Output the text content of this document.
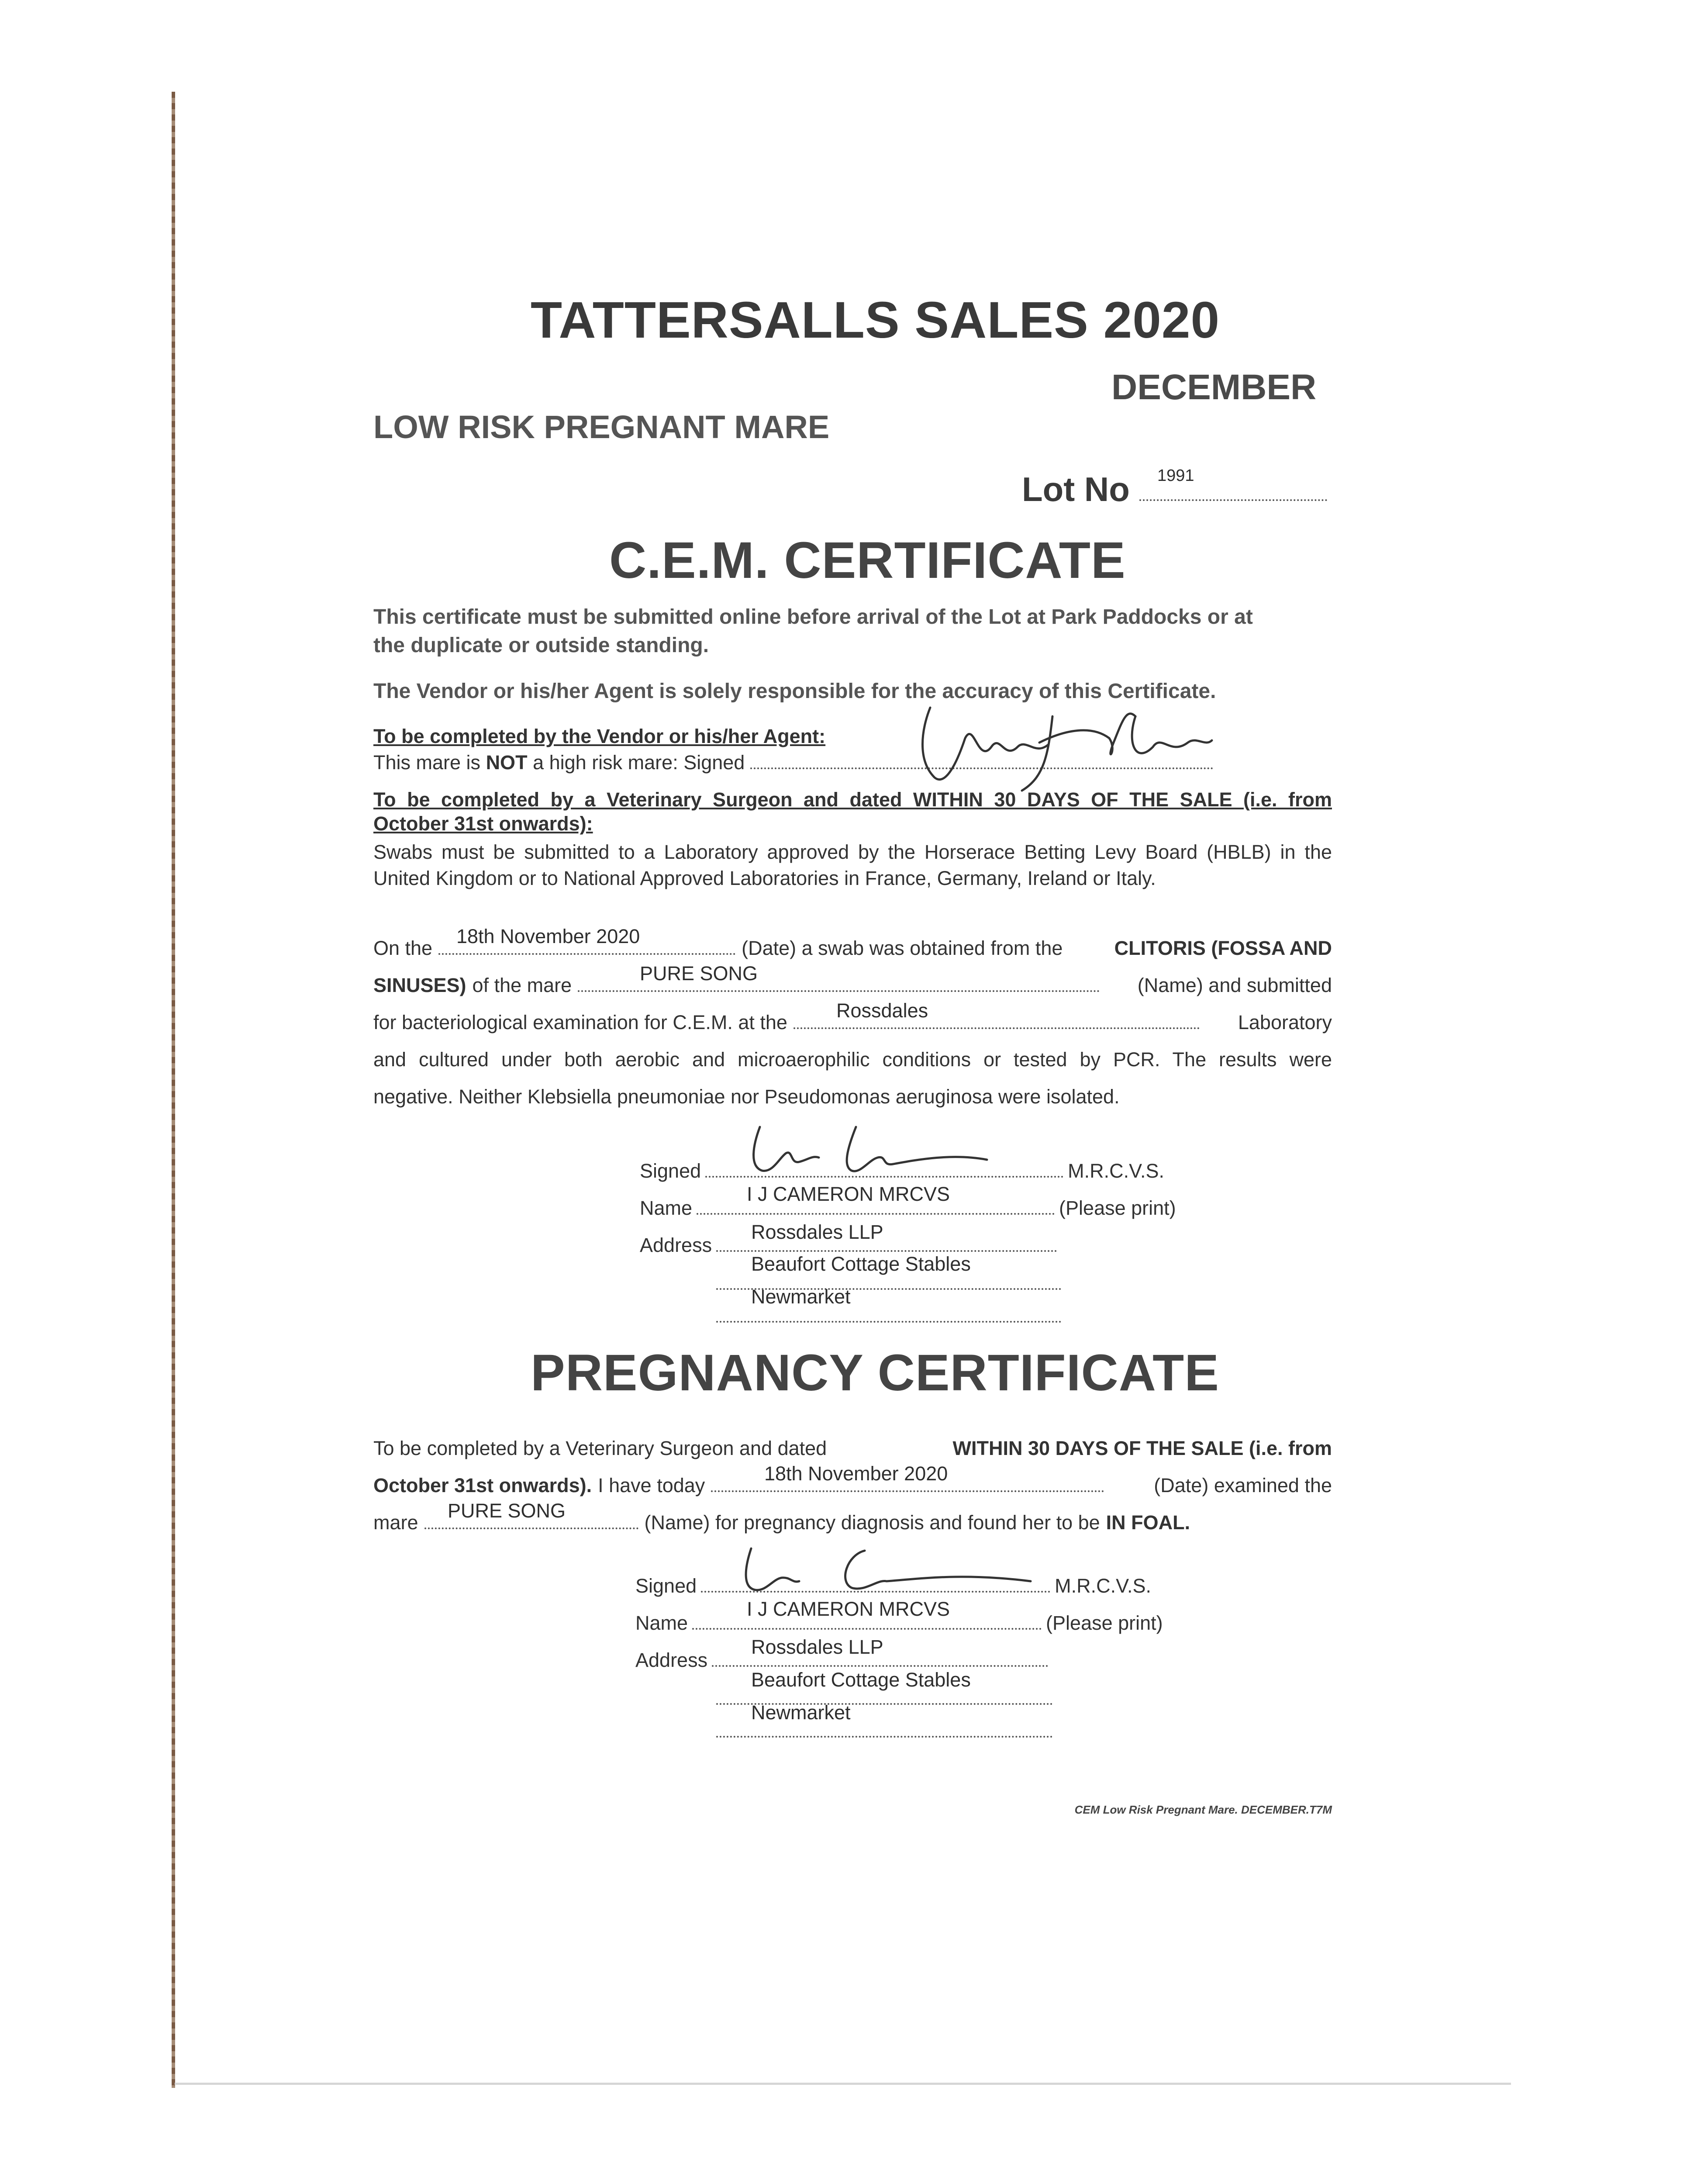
TATTERSALLS SALES 2020
DECEMBER
LOW RISK PREGNANT MARE
Lot No	1991
C.E.M. CERTIFICATE
This certificate must be submitted online before arrival of the Lot at Park Paddocks or at
the duplicate or outside standing.
The Vendor or his/her Agent is solely responsible for the accuracy of this Certificate.
To be completed by the Vendor or his/her Agent:
This mare is NOT a high risk mare: Signed
To be completed by a Veterinary Surgeon and dated WITHIN 30 DAYS OF THE SALE (i.e. from
October 31st onwards):
Swabs must be submitted to a Laboratory approved by the Horserace Betting Levy Board (HBLB) in the
United Kingdom or to National Approved Laboratories in France, Germany, Ireland or Italy.
On the	(Date) a swab was obtained from the	CLITORIS (FOSSA AND
18th November 2020
SINUSES) of the mare	(Name) and submitted
PURE SONG
for bacteriological examination for C.E.M. at the	Laboratory
Rossdales
and cultured under both aerobic and microaerophilic conditions or tested by PCR. The results were
negative. Neither Klebsiella pneumoniae nor Pseudomonas aeruginosa were isolated.
Signed	M.R.C.V.S.
Name	(Please print)
I J CAMERON MRCVS
Address
Rossdales LLP
Beaufort Cottage Stables
Newmarket
PREGNANCY CERTIFICATE
To be completed by a Veterinary Surgeon and dated	WITHIN 30 DAYS OF THE SALE (i.e. from
October 31st onwards). I have today	(Date) examined the
18th November 2020
mare	(Name) for pregnancy diagnosis and found her to be IN FOAL.
PURE SONG
Signed	M.R.C.V.S.
Name	(Please print)
I J CAMERON MRCVS
Address
Rossdales LLP
Beaufort Cottage Stables
Newmarket
CEM Low Risk Pregnant Mare. DECEMBER.T7M
